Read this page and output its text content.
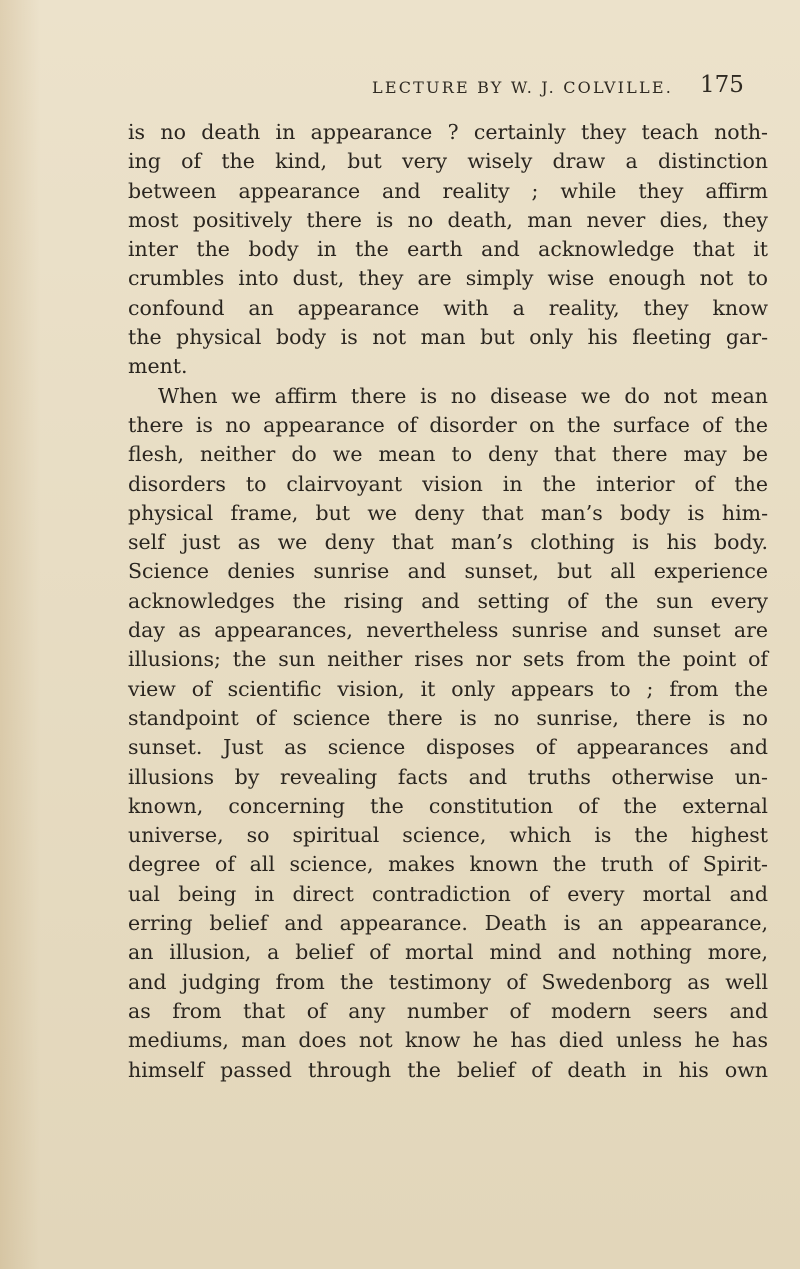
LECTURE BY W. J. COLVILLE. 175
is no death in appearance ? certainly they teach noth-
ing of the kind, but very wisely draw a distinction
between appearance and reality ; while they affirm
most positively there is no death, man never dies, they
inter the body in the earth and acknowledge that it
crumbles into dust, they are simply wise enough not to
confound an appearance with a reality, they know
the physical body is not man but only his fleeting gar-
ment.
When we affirm there is no disease we do not mean
there is no appearance of disorder on the surface of the
flesh, neither do we mean to deny that there may be
disorders to clairvoyant vision in the interior of the
physical frame, but we deny that man’s body is him-
self just as we deny that man’s clothing is his body.
Science denies sunrise and sunset, but all experience
acknowledges the rising and setting of the sun every
day as appearances, nevertheless sunrise and sunset are
illusions; the sun neither rises nor sets from the point of
view of scientific vision, it only appears to ; from the
standpoint of science there is no sunrise, there is no
sunset. Just as science disposes of appearances and
illusions by revealing facts and truths otherwise un-
known, concerning the constitution of the external
universe, so spiritual science, which is the highest
degree of all science, makes known the truth of Spirit-
ual being in direct contradiction of every mortal and
erring belief and appearance. Death is an appearance,
an illusion, a belief of mortal mind and nothing more,
and judging from the testimony of Swedenborg as well
as from that of any number of modern seers and
mediums, man does not know he has died unless he has
himself passed through the belief of death in his own
